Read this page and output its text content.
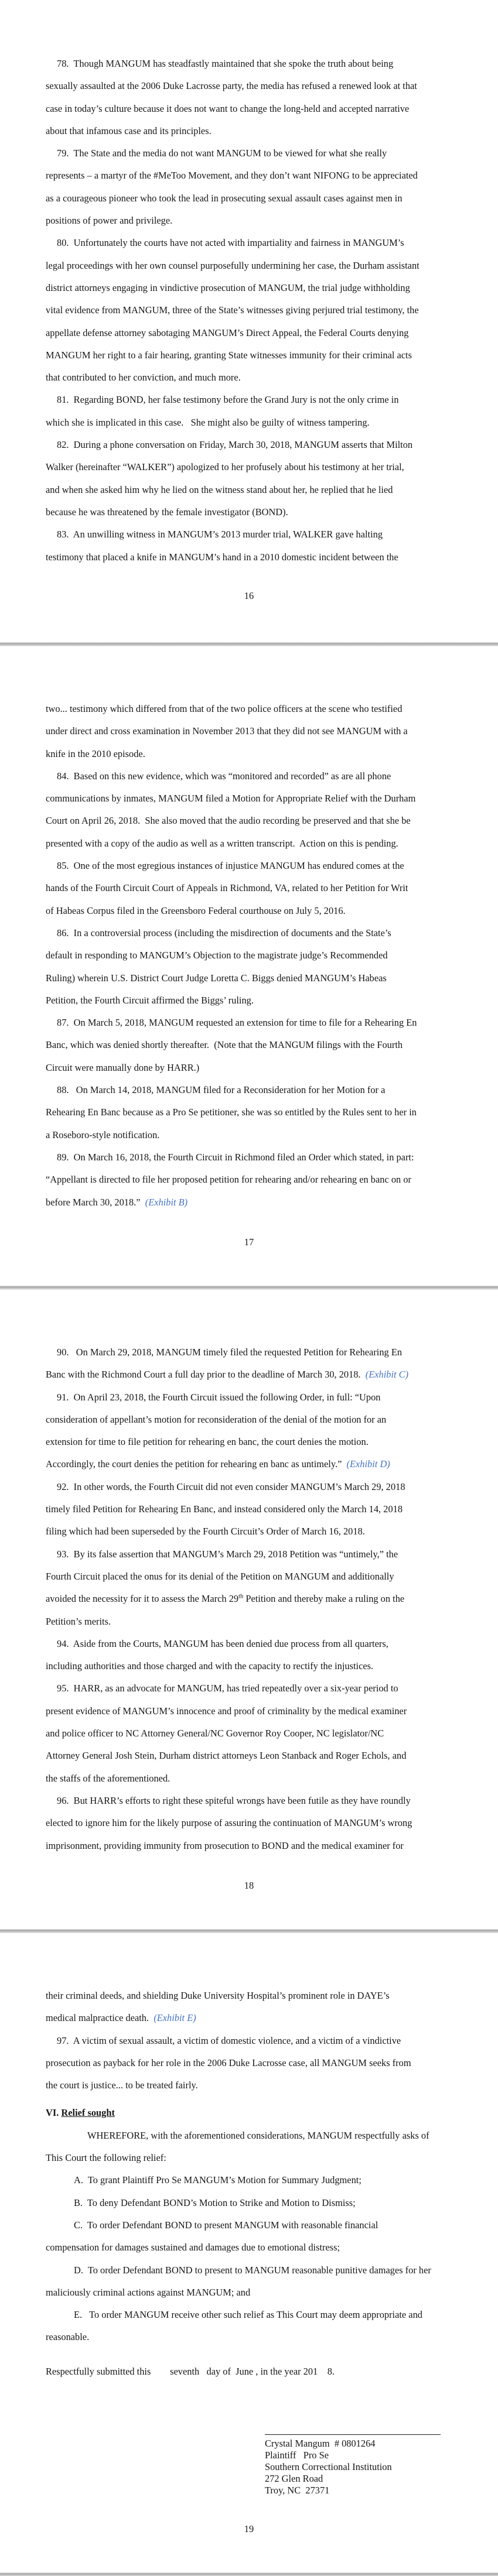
78.  Though MANGUM has steadfastly maintained that she spoke the truth about being
sexually assaulted at the 2006 Duke Lacrosse party, the media has refused a renewed look at that
case in today’s culture because it does not want to change the long-held and accepted narrative
about that infamous case and its principles.
79.  The State and the media do not want MANGUM to be viewed for what she really
represents – a martyr of the #MeToo Movement, and they don’t want NIFONG to be appreciated
as a courageous pioneer who took the lead in prosecuting sexual assault cases against men in
positions of power and privilege.
80.  Unfortunately the courts have not acted with impartiality and fairness in MANGUM’s
legal proceedings with her own counsel purposefully undermining her case, the Durham assistant
district attorneys engaging in vindictive prosecution of MANGUM, the trial judge withholding
vital evidence from MANGUM, three of the State’s witnesses giving perjured trial testimony, the
appellate defense attorney sabotaging MANGUM’s Direct Appeal, the Federal Courts denying
MANGUM her right to a fair hearing, granting State witnesses immunity for their criminal acts
that contributed to her conviction, and much more.
81.  Regarding BOND, her false testimony before the Grand Jury is not the only crime in
which she is implicated in this case.   She might also be guilty of witness tampering.
82.  During a phone conversation on Friday, March 30, 2018, MANGUM asserts that Milton
Walker (hereinafter “WALKER”) apologized to her profusely about his testimony at her trial,
and when she asked him why he lied on the witness stand about her, he replied that he lied
because he was threatened by the female investigator (BOND).
83.  An unwilling witness in MANGUM’s 2013 murder trial, WALKER gave halting
testimony that placed a knife in MANGUM’s hand in a 2010 domestic incident between the
16
two... testimony which differed from that of the two police officers at the scene who testified
under direct and cross examination in November 2013 that they did not see MANGUM with a
knife in the 2010 episode.
84.  Based on this new evidence, which was “monitored and recorded” as are all phone
communications by inmates, MANGUM filed a Motion for Appropriate Relief with the Durham
Court on April 26, 2018.  She also moved that the audio recording be preserved and that she be
presented with a copy of the audio as well as a written transcript.  Action on this is pending.
85.  One of the most egregious instances of injustice MANGUM has endured comes at the
hands of the Fourth Circuit Court of Appeals in Richmond, VA, related to her Petition for Writ
of Habeas Corpus filed in the Greensboro Federal courthouse on July 5, 2016.
86.  In a controversial process (including the misdirection of documents and the State’s
default in responding to MANGUM’s Objection to the magistrate judge’s Recommended
Ruling) wherein U.S. District Court Judge Loretta C. Biggs denied MANGUM’s Habeas
Petition, the Fourth Circuit affirmed the Biggs’ ruling.
87.  On March 5, 2018, MANGUM requested an extension for time to file for a Rehearing En
Banc, which was denied shortly thereafter.  (Note that the MANGUM filings with the Fourth
Circuit were manually done by HARR.)
88.   On March 14, 2018, MANGUM filed for a Reconsideration for her Motion for a
Rehearing En Banc because as a Pro Se petitioner, she was so entitled by the Rules sent to her in
a Roseboro-style notification.
89.  On March 16, 2018, the Fourth Circuit in Richmond filed an Order which stated, in part:
“Appellant is directed to file her proposed petition for rehearing and/or rehearing en banc on or
before March 30, 2018.”  (Exhibit B)
17
90.   On March 29, 2018, MANGUM timely filed the requested Petition for Rehearing En
Banc with the Richmond Court a full day prior to the deadline of March 30, 2018.  (Exhibit C)
91.  On April 23, 2018, the Fourth Circuit issued the following Order, in full: “Upon
consideration of appellant’s motion for reconsideration of the denial of the motion for an
extension for time to file petition for rehearing en banc, the court denies the motion.
Accordingly, the court denies the petition for rehearing en banc as untimely.”  (Exhibit D)
92.  In other words, the Fourth Circuit did not even consider MANGUM’s March 29, 2018
timely filed Petition for Rehearing En Banc, and instead considered only the March 14, 2018
filing which had been superseded by the Fourth Circuit’s Order of March 16, 2018.
93.  By its false assertion that MANGUM’s March 29, 2018 Petition was “untimely,” the
Fourth Circuit placed the onus for its denial of the Petition on MANGUM and additionally
avoided the necessity for it to assess the March 29th Petition and thereby make a ruling on the
Petition’s merits.
94.  Aside from the Courts, MANGUM has been denied due process from all quarters,
including authorities and those charged and with the capacity to rectify the injustices.
95.  HARR, as an advocate for MANGUM, has tried repeatedly over a six-year period to
present evidence of MANGUM’s innocence and proof of criminality by the medical examiner
and police officer to NC Attorney General/NC Governor Roy Cooper, NC legislator/NC
Attorney General Josh Stein, Durham district attorneys Leon Stanback and Roger Echols, and
the staffs of the aforementioned.
96.  But HARR’s efforts to right these spiteful wrongs have been futile as they have roundly
elected to ignore him for the likely purpose of assuring the continuation of MANGUM’s wrong
imprisonment, providing immunity from prosecution to BOND and the medical examiner for
18
their criminal deeds, and shielding Duke University Hospital’s prominent role in DAYE’s
medical malpractice death.  (Exhibit E)
97.  A victim of sexual assault, a victim of domestic violence, and a victim of a vindictive
prosecution as payback for her role in the 2006 Duke Lacrosse case, all MANGUM seeks from
the court is justice... to be treated fairly.
VI. Relief sought
WHEREFORE, with the aforementioned considerations, MANGUM respectfully asks of
This Court the following relief:
A.  To grant Plaintiff Pro Se MANGUM’s Motion for Summary Judgment;
B.  To deny Defendant BOND’s Motion to Strike and Motion to Dismiss;
C.  To order Defendant BOND to present MANGUM with reasonable financial
compensation for damages sustained and damages due to emotional distress;
D.  To order Defendant BOND to present to MANGUM reasonable punitive damages for her
maliciously criminal actions against MANGUM; and
E.   To order MANGUM receive other such relief as This Court may deem appropriate and
reasonable.
Respectfully submitted this        seventh   day of  June , in the year 201    8.
Crystal Mangum  # 0801264
Plaintiff   Pro Se
Southern Correctional Institution
272 Glen Road
Troy, NC  27371
19
